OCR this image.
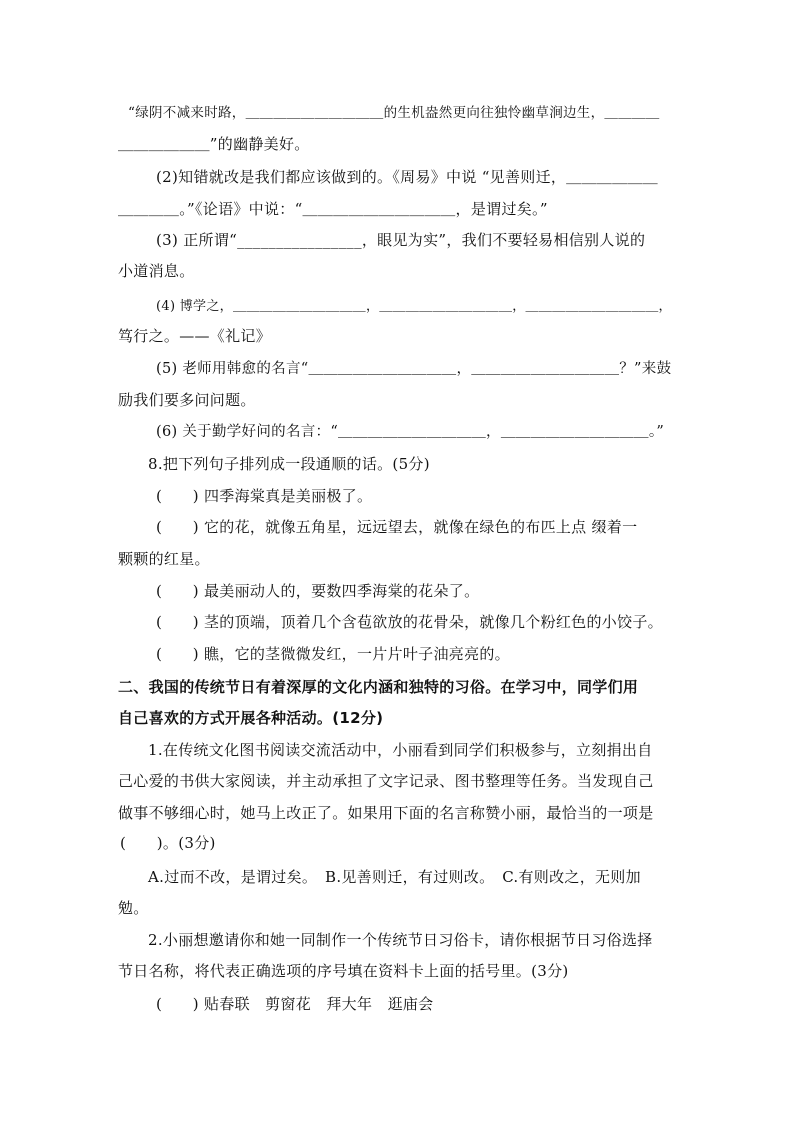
“绿阴不减来时路，＿＿＿＿＿＿＿＿＿＿的生机盎然更向往独怜幽草涧边生，＿＿＿＿
＿＿＿＿＿＿”的幽静美好。
(2)知错就改是我们都应该做到的。《周易》中说 “见善则迁，＿＿＿＿＿＿
＿＿＿＿。”《论语》中说：“＿＿＿＿＿＿＿＿＿＿，是谓过矣。”
(3) 正所谓“________________，眼见为实”，我们不要轻易相信别人说的
小道消息。
(4) 博学之，＿＿＿＿＿＿＿＿＿＿，＿＿＿＿＿＿＿＿＿＿，＿＿＿＿＿＿＿＿＿＿，
笃行之。——《礼记》
(5) 老师用韩愈的名言“＿＿＿＿＿＿＿＿＿＿，＿＿＿＿＿＿＿＿＿＿？”来鼓
励我们要多问问题。
(6) 关于勤学好问的名言：“＿＿＿＿＿＿＿＿＿＿，＿＿＿＿＿＿＿＿＿＿。”
8.把下列句子排列成一段通顺的话。(5分)
(　　) 四季海棠真是美丽极了。
(　　) 它的花，就像五角星，远远望去，就像在绿色的布匹上点 缀着一
颗颗的红星。
(　　) 最美丽动人的，要数四季海棠的花朵了。
(　　) 茎的顶端，顶着几个含苞欲放的花骨朵，就像几个粉红色的小饺子。
(　　) 瞧，它的茎微微发红，一片片叶子油亮亮的。
二、我国的传统节日有着深厚的文化内涵和独特的习俗。在学习中，同学们用
自己喜欢的方式开展各种活动。(12分)
1.在传统文化图书阅读交流活动中，小丽看到同学们积极参与，立刻捐出自
己心爱的书供大家阅读，并主动承担了文字记录、图书整理等任务。当发现自己
做事不够细心时，她马上改正了。如果用下面的名言称赞小丽，最恰当的一项是
(　　)。(3分)
A.过而不改，是谓过矣。　B.见善则迁，有过则改。　C.有则改之，无则加
勉。
2.小丽想邀请你和她一同制作一个传统节日习俗卡，请你根据节日习俗选择
节日名称，将代表正确选项的序号填在资料卡上面的括号里。(3分)
(　　) 贴春联　剪窗花　拜大年　逛庙会
